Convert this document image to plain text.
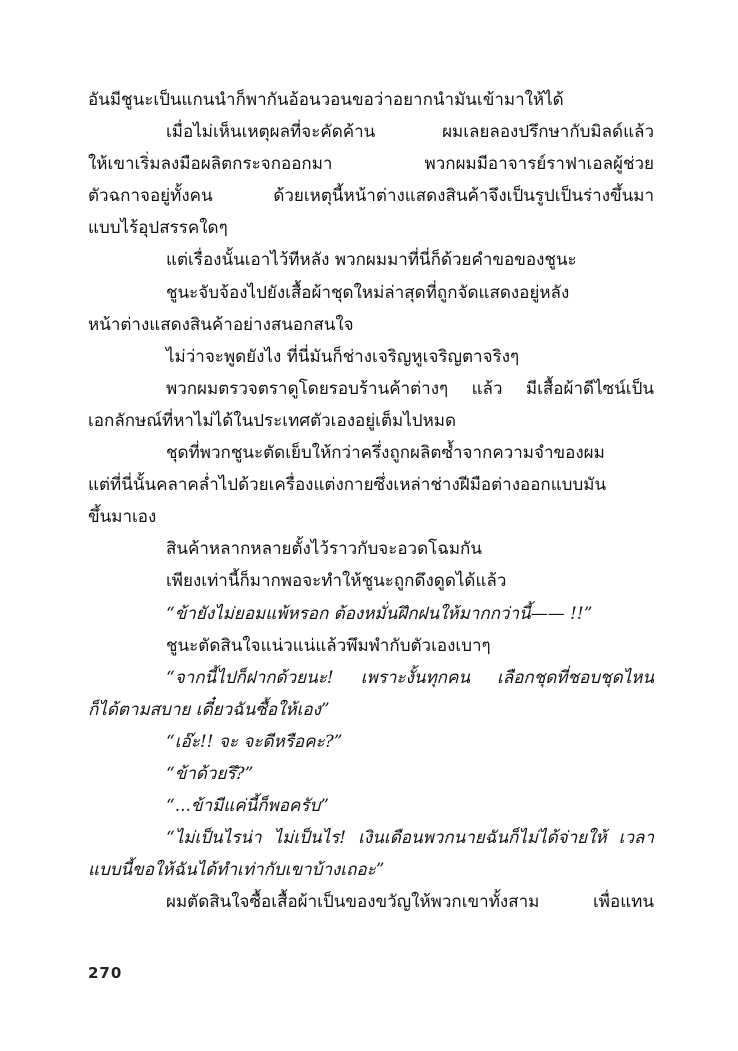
อันมีชูนะเป็นแกนนำก็พากันอ้อนวอนขอว่าอยากนำมันเข้ามาให้ได้
เมื่อไม่เห็นเหตุผลที่จะคัดค้าน ผมเลยลองปรึกษากับมิลด์แล้ว
ให้เขาเริ่มลงมือผลิตกระจกออกมา พวกผมมีอาจารย์ราฟาเอลผู้ช่วย
ตัวฉกาจอยู่ทั้งคน ด้วยเหตุนี้หน้าต่างแสดงสินค้าจึงเป็นรูปเป็นร่างขึ้นมา
แบบไร้อุปสรรคใดๆ
แต่เรื่องนั้นเอาไว้ทีหลัง พวกผมมาที่นี่ก็ด้วยคำขอของชูนะ
ชูนะจับจ้องไปยังเสื้อผ้าชุดใหม่ล่าสุดที่ถูกจัดแสดงอยู่หลัง
หน้าต่างแสดงสินค้าอย่างสนอกสนใจ
ไม่ว่าจะพูดยังไง ที่นี่มันก็ช่างเจริญหูเจริญตาจริงๆ
พวกผมตรวจตราดูโดยรอบร้านค้าต่างๆ แล้ว มีเสื้อผ้าดีไซน์เป็น
เอกลักษณ์ที่หาไม่ได้ในประเทศตัวเองอยู่เต็มไปหมด
ชุดที่พวกชูนะตัดเย็บให้กว่าครึ่งถูกผลิตซ้ำจากความจำของผม
แต่ที่นี่นั้นคลาคล่ำไปด้วยเครื่องแต่งกายซึ่งเหล่าช่างฝีมือต่างออกแบบมัน
ขึ้นมาเอง
สินค้าหลากหลายตั้งไว้ราวกับจะอวดโฉมกัน
เพียงเท่านี้ก็มากพอจะทำให้ชูนะถูกดึงดูดได้แล้ว
“ข้ายังไม่ยอมแพ้หรอก ต้องหมั่นฝึกฝนให้มากกว่านี้—— !!”
ชูนะตัดสินใจแน่วแน่แล้วพึมพำกับตัวเองเบาๆ
“จากนี้ไปก็ฝากด้วยนะ! เพราะงั้นทุกคน เลือกชุดที่ชอบชุดไหน
ก็ได้ตามสบาย เดี๋ยวฉันซื้อให้เอง”
“เอ๊ะ!! จะ จะดีหรือคะ?”
“ข้าด้วยรึ?”
“...ข้ามีแค่นี้ก็พอครับ”
“ไม่เป็นไรน่า ไม่เป็นไร! เงินเดือนพวกนายฉันก็ไม่ได้จ่ายให้ เวลา
แบบนี้ขอให้ฉันได้ทำเท่ากับเขาบ้างเถอะ”
ผมตัดสินใจซื้อเสื้อผ้าเป็นของขวัญให้พวกเขาทั้งสาม เพื่อแทน
270
